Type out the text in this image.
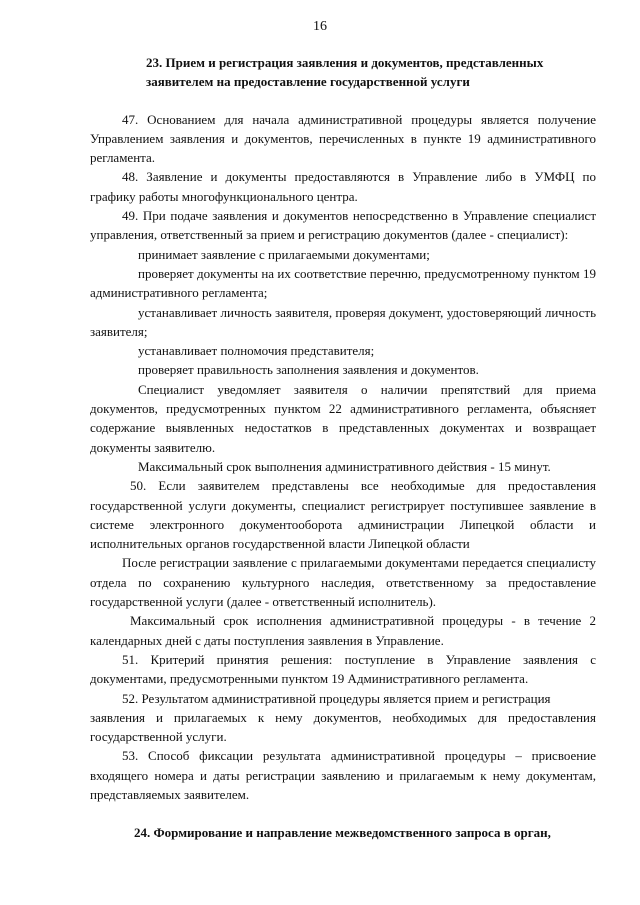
16

23. Прием и регистрация заявления и документов, представленных

заявителем на предоставление государственной услуги

47. Основанием для начала административной процедуры является получение Управлением заявления и документов, перечисленных в пункте 19 административного регламента.

48. Заявление и документы предоставляются в Управление либо в УМФЦ по графику работы многофункционального центра.

49. При подаче заявления и документов непосредственно в Управление специалист управления, ответственный за прием и регистрацию документов (далее - специалист):

принимает заявление с прилагаемыми документами;

проверяет документы на их соответствие перечню, предусмотренному пунктом 19 административного регламента;

устанавливает личность заявителя, проверяя документ, удостоверяющий личность заявителя;

устанавливает полномочия представителя;

проверяет правильность заполнения заявления и документов.

Специалист уведомляет заявителя о наличии препятствий для приема документов, предусмотренных пунктом 22 административного регламента, объясняет содержание выявленных недостатков в представленных документах и возвращает документы заявителю.

Максимальный срок выполнения административного действия - 15 минут.

50. Если заявителем представлены все необходимые для предоставления государственной услуги документы, специалист регистрирует поступившее заявление в системе электронного документооборота администрации Липецкой области и исполнительных органов государственной власти Липецкой области

После регистрации заявление с прилагаемыми документами передается специалисту отдела по сохранению культурного наследия, ответственному за предоставление государственной услуги (далее - ответственный исполнитель).

Максимальный срок исполнения административной процедуры - в течение 2 календарных дней с даты поступления заявления в Управление.

51. Критерий принятия решения: поступление в Управление заявления с документами, предусмотренными пунктом 19 Административного регламента.

52. Результатом административной процедуры является прием и регистрация

заявления и прилагаемых к нему документов, необходимых для предоставления государственной услуги.

53. Способ фиксации результата административной процедуры – присвоение входящего номера и даты регистрации заявлению и прилагаемым к нему документам, представляемых заявителем.

24. Формирование и направление межведомственного запроса в орган,
